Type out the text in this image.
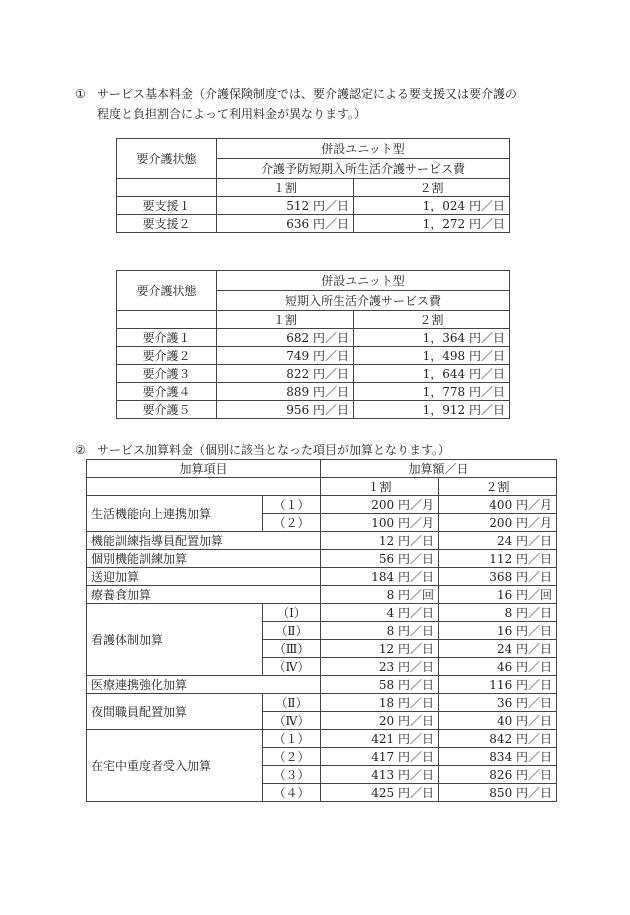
① サービス基本料金（介護保険制度では、要介護認定による要支援又は要介護の
程度と負担割合によって利用料金が異なります。）
要介護状態	併設ユニット型	
	介護予防短期入所生活介護サービス費	
	１割	２割
要支援１	512 円／日	1，024 円／日
要支援２	636 円／日	1，272 円／日
要介護状態	併設ユニット型	
	短期入所生活介護サービス費	
	１割	２割
要介護１	682 円／日	1，364 円／日
要介護２	749 円／日	1，498 円／日
要介護３	822 円／日	1，644 円／日
要介護４	889 円／日	1，778 円／日
要介護５	956 円／日	1，912 円／日
② サービス加算料金（個別に該当となった項目が加算となります。）
加算項目		加算額／日	
		１割	２割
生活機能向上連携加算	（１）	200 円／月	400 円／月
	（２）	100 円／月	200 円／月
機能訓練指導員配置加算		12 円／日	24 円／日
個別機能訓練加算		56 円／日	112 円／日
送迎加算		184 円／日	368 円／日
療養食加算		8 円／回	16 円／回
看護体制加算	（Ⅰ）	4 円／日	8 円／日
	（Ⅱ）	8 円／日	16 円／日
	（Ⅲ）	12 円／日	24 円／日
	（Ⅳ）	23 円／日	46 円／日
医療連携強化加算		58 円／日	116 円／日
夜間職員配置加算	（Ⅱ）	18 円／日	36 円／日
	（Ⅳ）	20 円／日	40 円／日
在宅中重度者受入加算	（１）	421 円／日	842 円／日
	（２）	417 円／日	834 円／日
	（３）	413 円／日	826 円／日
	（４）	425 円／日	850 円／日
